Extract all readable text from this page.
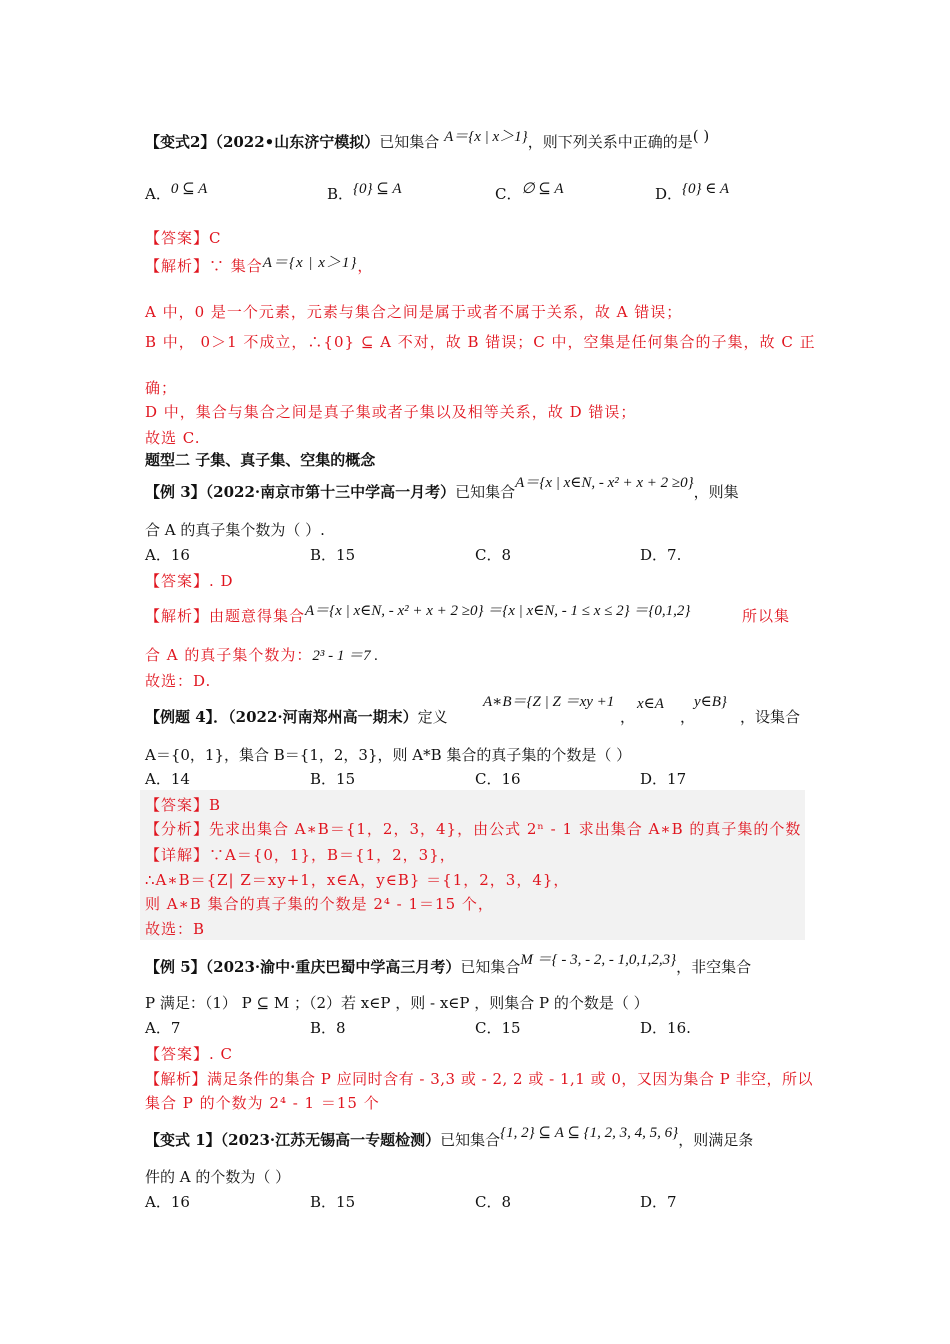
【变式2】（2022•山东济宁模拟）已知集合 A＝{x | x＞1}，则下列关系中正确的是( )
A．0 ⊆ A	B．{0} ⊆ A	C．∅ ⊆ A	D．{0} ∈ A
【答案】C
【解析】∵ 集合A＝{x | x＞1}，
A 中，0 是一个元素，元素与集合之间是属于或者不属于关系，故 A 错误；
B 中， 0＞1 不成立，∴{0} ⊆ A 不对，故 B 错误；C 中，空集是任何集合的子集，故 C 正
确；
D 中，集合与集合之间是真子集或者子集以及相等关系，故 D 错误；
故选 C.
题型二 子集、真子集、空集的概念
【例 3】（2022·南京市第十三中学高一月考）已知集合A＝{x | x∈N, - x² + x + 2 ≥0}，则集
合 A 的真子集个数为（ ）.
A．16	B．15	C．8	D．7.
【答案】. D
【解析】由题意得集合A＝{x | x∈N, - x² + x + 2 ≥0} ＝{x | x∈N, - 1 ≤ x ≤ 2} ＝{0,1,2}	所以集
合 A 的真子集个数为：2³ - 1 ＝7 .
故选：D.
【例题 4】．（2022·河南郑州高一期末）定义
A∗B＝{Z | Z ＝xy +1
，
x∈A
，
y∈B}
，设集合
A＝{0，1}，集合 B＝{1，2，3}，则 A*B 集合的真子集的个数是（ ）
A．14	B．15	C．16	D．17
【答案】B
【分析】先求出集合 A∗B＝{1，2，3，4}，由公式 2ⁿ - 1 求出集合 A∗B 的真子集的个数
【详解】∵A＝{0，1}，B＝{1，2，3}，
∴A∗B＝{Z| Z＝xy+1，x∈A，y∈B} ＝{1，2，3，4}，
则 A∗B 集合的真子集的个数是 2⁴ - 1＝15 个，
故选：B
【例 5】（2023·渝中·重庆巴蜀中学高三月考）已知集合M ＝{ - 3, - 2, - 1,0,1,2,3}，非空集合
P 满足：（1） P ⊆ M ；（2）若 x∈P ，则 - x∈P ，则集合 P 的个数是（ ）
A．7	B．8	C．15	D．16.
【答案】. C
【解析】满足条件的集合 P 应同时含有 - 3,3 或 - 2, 2 或 - 1,1 或 0，又因为集合 P 非空，所以
集合 P 的个数为 2⁴ - 1 ＝15 个
【变式 1】（2023·江苏无锡高一专题检测）已知集合{1, 2} ⊆ A ⊆ {1, 2, 3, 4, 5, 6}，则满足条
件的 A 的个数为（ ）
A．16	B．15	C．8	D．7
